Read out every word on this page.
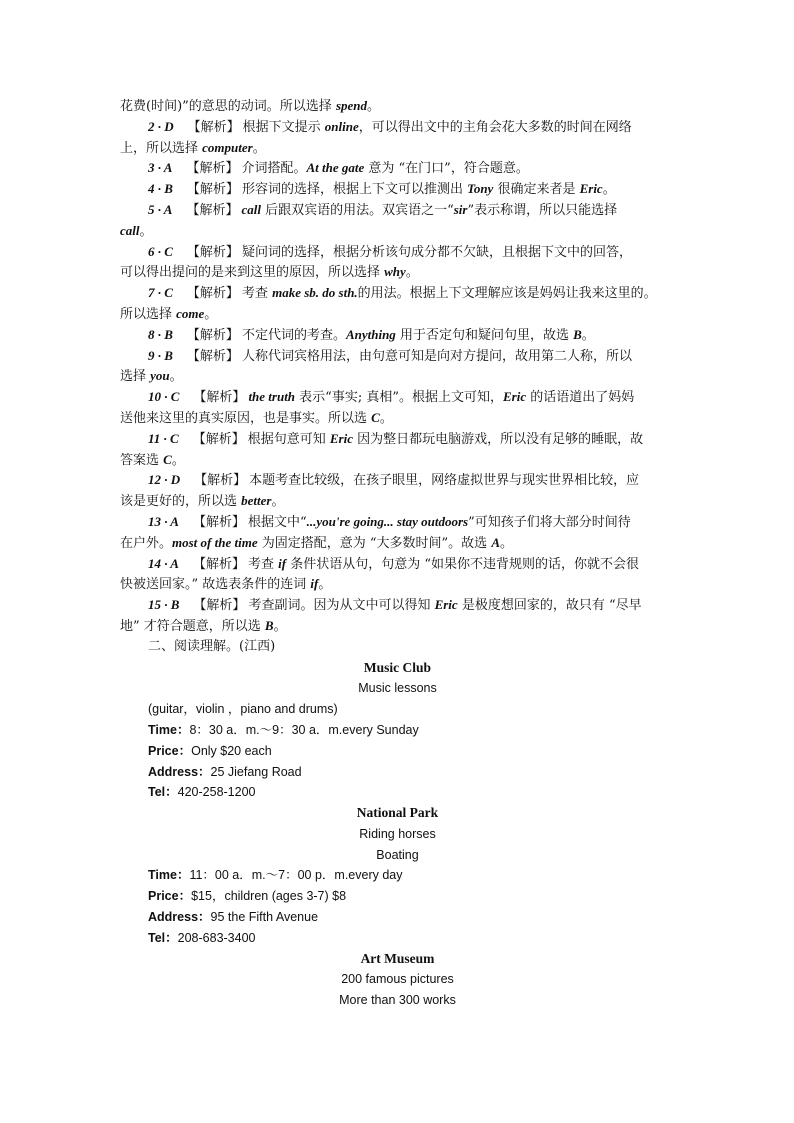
花费(时间)”的意思的动词。所以选择 spend。
2 · D 【解析】 根据下文提示 online，可以得出文中的主角会花大多数的时间在网络
上，所以选择 computer。
3 · A 【解析】 介词搭配。At the gate 意为 “在门口”，符合题意。
4 · B 【解析】 形容词的选择，根据上下文可以推测出 Tony 很确定来者是 Eric。
5 · A 【解析】 call 后跟双宾语的用法。双宾语之一“sir”表示称谓，所以只能选择
call。
6 · C 【解析】 疑问词的选择，根据分析该句成分都不欠缺，且根据下文中的回答，
可以得出提问的是来到这里的原因，所以选择 why。
7 · C 【解析】 考查 make sb. do sth.的用法。根据上下文理解应该是妈妈让我来这里的。
所以选择 come。
8 · B 【解析】 不定代词的考查。Anything 用于否定句和疑问句里，故选 B。
9 · B 【解析】 人称代词宾格用法，由句意可知是向对方提问，故用第二人称，所以
选择 you。
10 · C 【解析】 the truth 表示“事实; 真相”。根据上文可知，Eric 的话语道出了妈妈
送他来这里的真实原因，也是事实。所以选 C。
11 · C 【解析】 根据句意可知 Eric 因为整日都玩电脑游戏，所以没有足够的睡眠，故
答案选 C。
12 · D 【解析】 本题考查比较级，在孩子眼里，网络虚拟世界与现实世界相比较，应
该是更好的，所以选 better。
13 · A 【解析】 根据文中“...you're going... stay outdoors”可知孩子们将大部分时间待
在户外。most of the time 为固定搭配，意为 “大多数时间”。故选 A。
14 · A 【解析】 考查 if 条件状语从句，句意为 “如果你不违背规则的话，你就不会很
快被送回家。” 故选表条件的连词 if。
15 · B 【解析】 考查副词。因为从文中可以得知 Eric 是极度想回家的，故只有 “尽早
地” 才符合题意，所以选 B。
二、阅读理解。(江西)
Music Club
Music lessons
(guitar，violin ，piano and drums)
Time：8：30 a．m.～9：30 a．m.every Sunday
Price：Only $20 each
Address：25 Jiefang Road
Tel：420-258-1200
National Park
Riding horses
Boating
Time：11：00 a．m.～7：00 p．m.every day
Price：$15，children (ages 3-7) $8
Address：95 the Fifth Avenue
Tel：208-683-3400
Art Museum
200 famous pictures
More than 300 works
